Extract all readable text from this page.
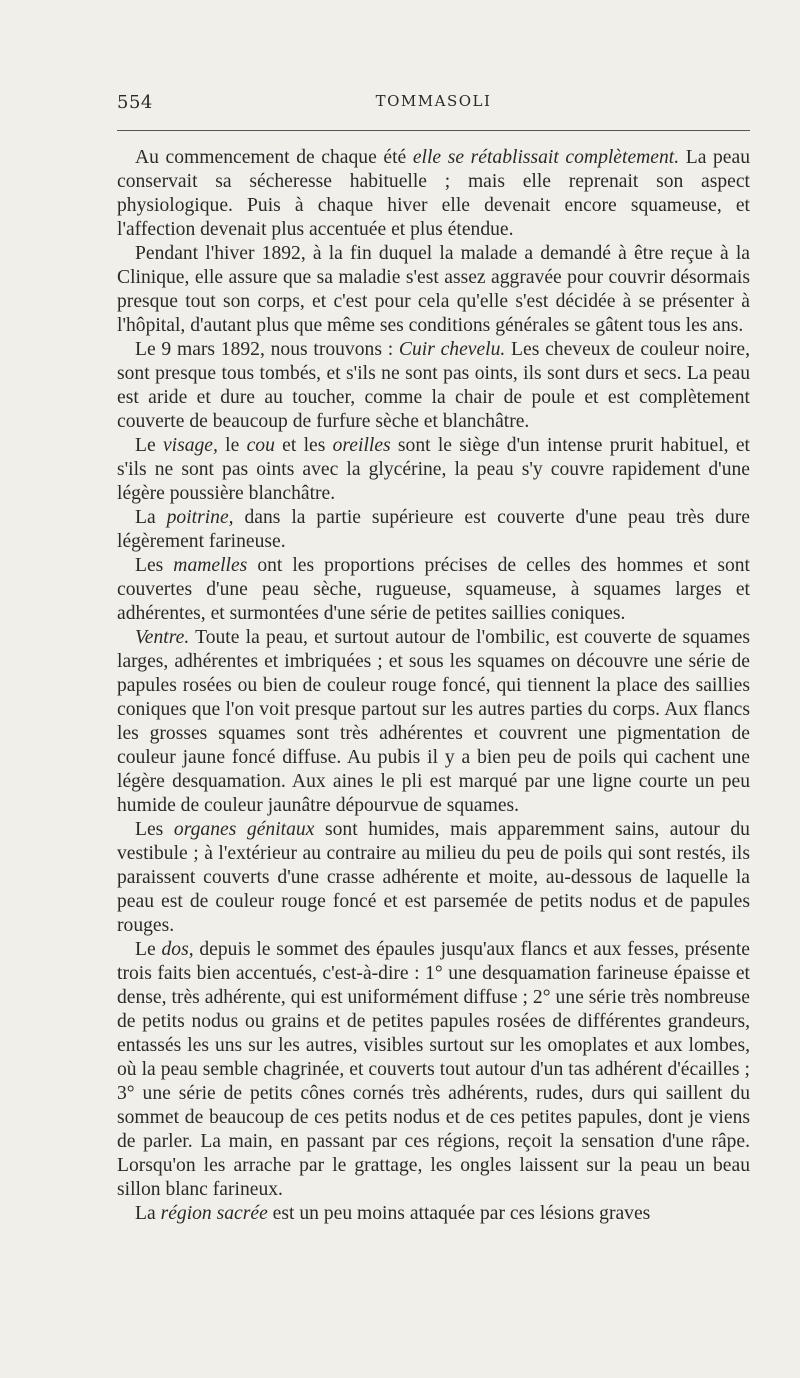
554	TOMMASOLI

Au commencement de chaque été elle se rétablissait complètement. La peau conservait sa sécheresse habituelle ; mais elle reprenait son aspect physiologique. Puis à chaque hiver elle devenait encore squameuse, et l'affection devenait plus accentuée et plus étendue.

Pendant l'hiver 1892, à la fin duquel la malade a demandé à être reçue à la Clinique, elle assure que sa maladie s'est assez aggravée pour couvrir désormais presque tout son corps, et c'est pour cela qu'elle s'est décidée à se présenter à l'hôpital, d'autant plus que même ses conditions générales se gâtent tous les ans.

Le 9 mars 1892, nous trouvons : Cuir chevelu. Les cheveux de couleur noire, sont presque tous tombés, et s'ils ne sont pas oints, ils sont durs et secs. La peau est aride et dure au toucher, comme la chair de poule et est complètement couverte de beaucoup de furfure sèche et blanchâtre.

Le visage, le cou et les oreilles sont le siège d'un intense prurit habituel, et s'ils ne sont pas oints avec la glycérine, la peau s'y couvre rapidement d'une légère poussière blanchâtre.

La poitrine, dans la partie supérieure est couverte d'une peau très dure légèrement farineuse.

Les mamelles ont les proportions précises de celles des hommes et sont couvertes d'une peau sèche, rugueuse, squameuse, à squames larges et adhérentes, et surmontées d'une série de petites saillies coniques.

Ventre. Toute la peau, et surtout autour de l'ombilic, est couverte de squames larges, adhérentes et imbriquées ; et sous les squames on découvre une série de papules rosées ou bien de couleur rouge foncé, qui tiennent la place des saillies coniques que l'on voit presque partout sur les autres parties du corps. Aux flancs les grosses squames sont très adhérentes et couvrent une pigmentation de couleur jaune foncé diffuse. Au pubis il y a bien peu de poils qui cachent une légère desquamation. Aux aines le pli est marqué par une ligne courte un peu humide de couleur jaunâtre dépourvue de squames.

Les organes génitaux sont humides, mais apparemment sains, autour du vestibule ; à l'extérieur au contraire au milieu du peu de poils qui sont restés, ils paraissent couverts d'une crasse adhérente et moite, au-dessous de laquelle la peau est de couleur rouge foncé et est parsemée de petits nodus et de papules rouges.

Le dos, depuis le sommet des épaules jusqu'aux flancs et aux fesses, présente trois faits bien accentués, c'est-à-dire : 1° une desquamation farineuse épaisse et dense, très adhérente, qui est uniformément diffuse ; 2° une série très nombreuse de petits nodus ou grains et de petites papules rosées de différentes grandeurs, entassés les uns sur les autres, visibles surtout sur les omoplates et aux lombes, où la peau semble chagrinée, et couverts tout autour d'un tas adhérent d'écailles ; 3° une série de petits cônes cornés très adhérents, rudes, durs qui saillent du sommet de beaucoup de ces petits nodus et de ces petites papules, dont je viens de parler. La main, en passant par ces régions, reçoit la sensation d'une râpe. Lorsqu'on les arrache par le grattage, les ongles laissent sur la peau un beau sillon blanc farineux.

La région sacrée est un peu moins attaquée par ces lésions graves
